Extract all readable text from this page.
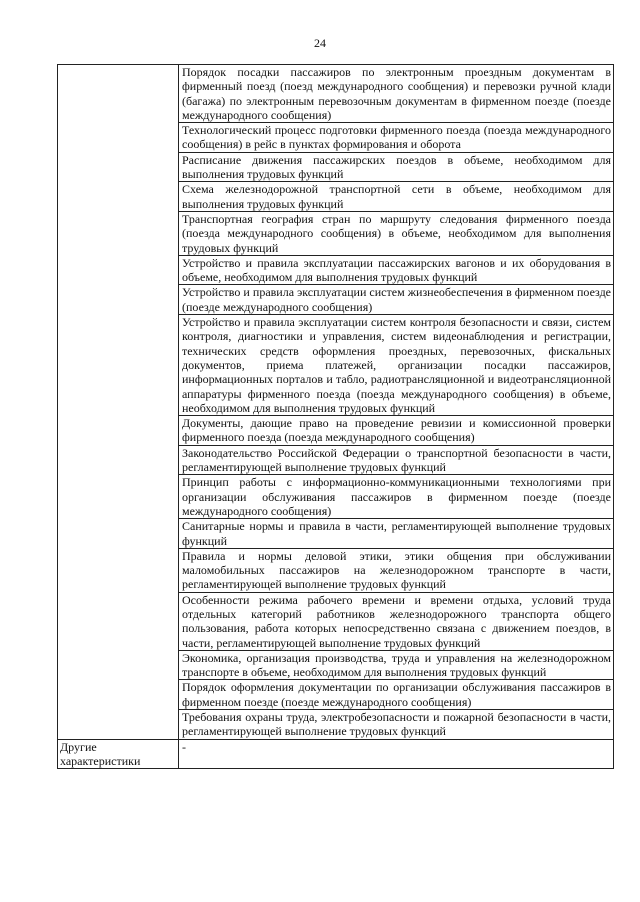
24
	Порядок посадки пассажиров по электронным проездным документам в фирменный поезд (поезд международного сообщения) и перевозки ручной клади (багажа) по электронным перевозочным документам в фирменном поезде (поезде международного сообщения)
	Технологический процесс подготовки фирменного поезда (поезда международного сообщения) в рейс в пунктах формирования и оборота
	Расписание движения пассажирских поездов в объеме, необходимом для выполнения трудовых функций
	Схема железнодорожной транспортной сети в объеме, необходимом для выполнения трудовых функций
	Транспортная география стран по маршруту следования фирменного поезда (поезда международного сообщения) в объеме, необходимом для выполнения трудовых функций
	Устройство и правила эксплуатации пассажирских вагонов и их оборудования в объеме, необходимом для выполнения трудовых функций
	Устройство и правила эксплуатации систем жизнеобеспечения в фирменном поезде (поезде международного сообщения)
	Устройство и правила эксплуатации систем контроля безопасности и связи, систем контроля, диагностики и управления, систем видеонаблюдения и регистрации, технических средств оформления проездных, перевозочных, фискальных документов, приема платежей, организации посадки пассажиров, информационных порталов и табло, радиотрансляционной и видеотрансляционной аппаратуры фирменного поезда (поезда международного сообщения) в объеме, необходимом для выполнения трудовых функций
	Документы, дающие право на проведение ревизии и комиссионной проверки фирменного поезда (поезда международного сообщения)
	Законодательство Российской Федерации о транспортной безопасности в части, регламентирующей выполнение трудовых функций
	Принцип работы с информационно-коммуникационными технологиями при организации обслуживания пассажиров в фирменном поезде (поезде международного сообщения)
	Санитарные нормы и правила в части, регламентирующей выполнение трудовых функций
	Правила и нормы деловой этики, этики общения при обслуживании маломобильных пассажиров на железнодорожном транспорте в части, регламентирующей выполнение трудовых функций
	Особенности режима рабочего времени и времени отдыха, условий труда отдельных категорий работников железнодорожного транспорта общего пользования, работа которых непосредственно связана с движением поездов, в части, регламентирующей выполнение трудовых функций
	Экономика, организация производства, труда и управления на железнодорожном транспорте в объеме, необходимом для выполнения трудовых функций
	Порядок оформления документации по организации обслуживания пассажиров в фирменном поезде (поезде международного сообщения)
	Требования охраны труда, электробезопасности и пожарной безопасности в части, регламентирующей выполнение трудовых функций
Другие характеристики	-
